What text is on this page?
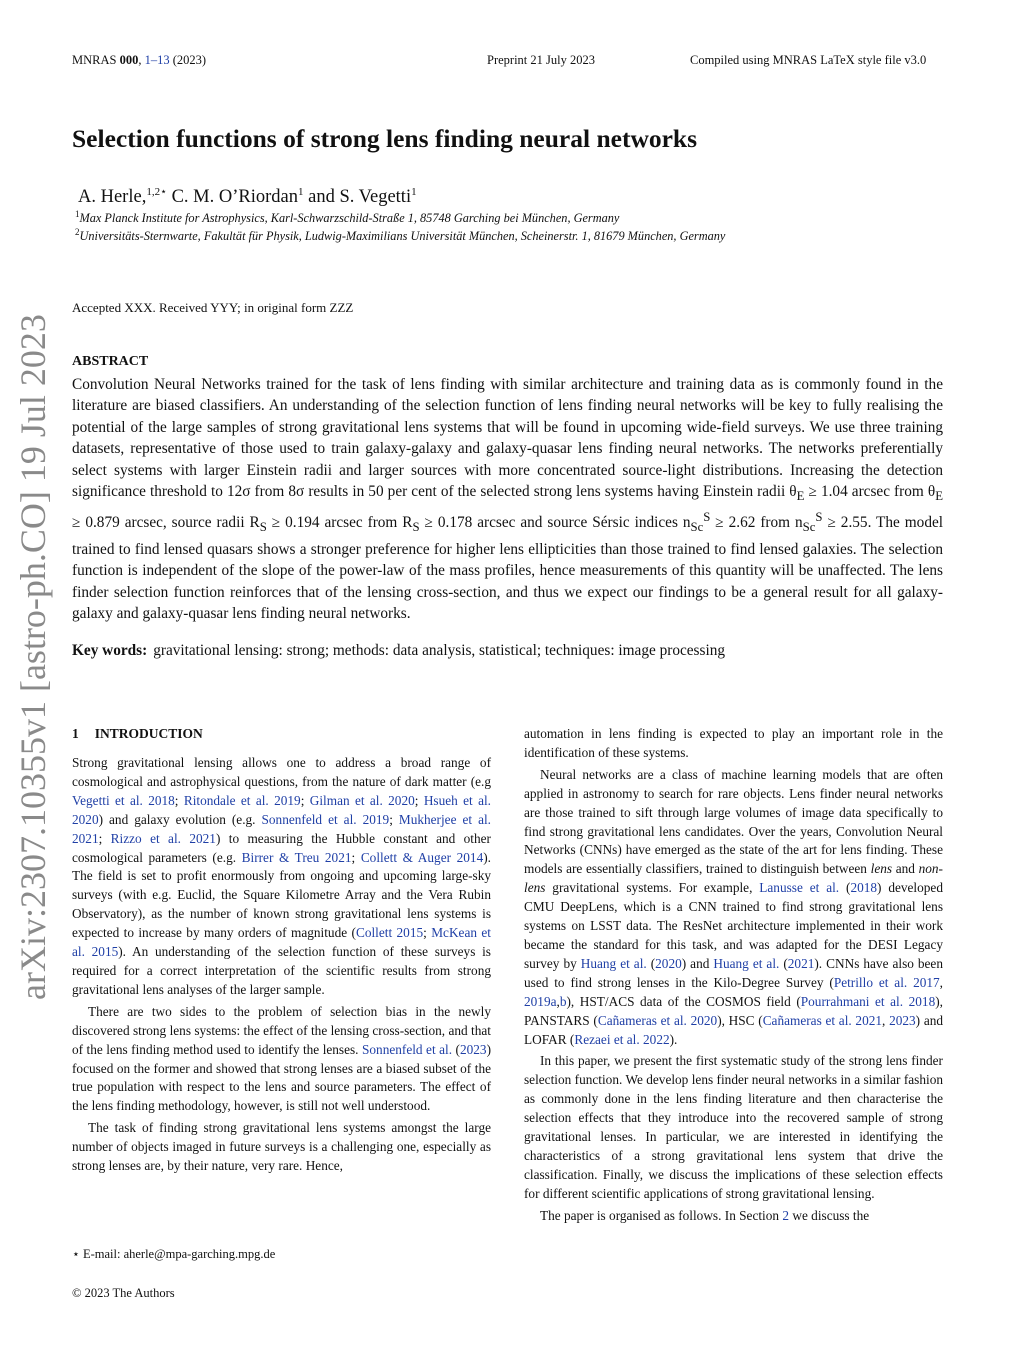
MNRAS 000, 1–13 (2023)	Preprint 21 July 2023	Compiled using MNRAS LaTeX style file v3.0
arXiv:2307.10355v1 [astro-ph.CO] 19 Jul 2023
Selection functions of strong lens finding neural networks
A. Herle,$^{1,2⋆}$ C. M. O’Riordan$^1$ and S. Vegetti$^1$
$^1$Max Planck Institute for Astrophysics, Karl-Schwarzschild-Straße 1, 85748 Garching bei München, Germany
$^2$Universitäts-Sternwarte, Fakultät für Physik, Ludwig-Maximilians Universität München, Scheinerstr. 1, 81679 München, Germany
Accepted XXX. Received YYY; in original form ZZZ
ABSTRACT

Convolution Neural Networks trained for the task of lens finding with similar architecture and training data as is commonly found in the literature are biased classifiers. An understanding of the selection function of lens finding neural networks will be key to fully realising the potential of the large samples of strong gravitational lens systems that will be found in upcoming wide-field surveys. We use three training datasets, representative of those used to train galaxy-galaxy and galaxy-quasar lens finding neural networks. The networks preferentially select systems with larger Einstein radii and larger sources with more concentrated source-light distributions. Increasing the detection significance threshold to 12σ from 8σ results in 50 per cent of the selected strong lens systems having Einstein radii $\theta_E \ge 1.04$ arcsec from $\theta_E \ge 0.879$ arcsec, source radii $R_S \ge 0.194$ arcsec from $R_S \ge 0.178$ arcsec and source Sérsic indices $n_{Sc}^S \ge 2.62$ from $n_{Sc}^S \ge 2.55$. The model trained to find lensed quasars shows a stronger preference for higher lens ellipticities than those trained to find lensed galaxies. The selection function is independent of the slope of the power-law of the mass profiles, hence measurements of this quantity will be unaffected. The lens finder selection function reinforces that of the lensing cross-section, and thus we expect our findings to be a general result for all galaxy-galaxy and galaxy-quasar lens finding neural networks.

Key words: gravitational lensing: strong; methods: data analysis, statistical; techniques: image processing
1 INTRODUCTION

Strong gravitational lensing allows one to address a broad range of cosmological and astrophysical questions, from the nature of dark matter (e.g Vegetti et al. 2018; Ritondale et al. 2019; Gilman et al. 2020; Hsueh et al. 2020) and galaxy evolution (e.g. Sonnenfeld et al. 2019; Mukherjee et al. 2021; Rizzo et al. 2021) to measuring the Hubble constant and other cosmological parameters (e.g. Birrer & Treu 2021; Collett & Auger 2014). The field is set to profit enormously from ongoing and upcoming large-sky surveys (with e.g. Euclid, the Square Kilometre Array and the Vera Rubin Observatory), as the number of known strong gravitational lens systems is expected to increase by many orders of magnitude (Collett 2015; McKean et al. 2015). An understanding of the selection function of these surveys is required for a correct interpretation of the scientific results from strong gravitational lens analyses of the larger sample.

There are two sides to the problem of selection bias in the newly discovered strong lens systems: the effect of the lensing cross-section, and that of the lens finding method used to identify the lenses. Sonnenfeld et al. (2023) focused on the former and showed that strong lenses are a biased subset of the true population with respect to the lens and source parameters. The effect of the lens finding methodology, however, is still not well understood.

The task of finding strong gravitational lens systems amongst the large number of objects imaged in future surveys is a challenging one, especially as strong lenses are, by their nature, very rare. Hence,

automation in lens finding is expected to play an important role in the identification of these systems.

Neural networks are a class of machine learning models that are often applied in astronomy to search for rare objects. Lens finder neural networks are those trained to sift through large volumes of image data specifically to find strong gravitational lens candidates. Over the years, Convolution Neural Networks (CNNs) have emerged as the state of the art for lens finding. These models are essentially classifiers, trained to distinguish between lens and non-lens gravitational systems. For example, Lanusse et al. (2018) developed CMU DeepLens, which is a CNN trained to find strong gravitational lens systems on LSST data. The ResNet architecture implemented in their work became the standard for this task, and was adapted for the DESI Legacy survey by Huang et al. (2020) and Huang et al. (2021). CNNs have also been used to find strong lenses in the Kilo-Degree Survey (Petrillo et al. 2017, 2019a,b), HST/ACS data of the COSMOS field (Pourrahmani et al. 2018), PANSTARS (Cañameras et al. 2020), HSC (Cañameras et al. 2021, 2023) and LOFAR (Rezaei et al. 2022).

In this paper, we present the first systematic study of the strong lens finder selection function. We develop lens finder neural networks in a similar fashion as commonly done in the lens finding literature and then characterise the selection effects that they introduce into the recovered sample of strong gravitational lenses. In particular, we are interested in identifying the characteristics of a strong gravitational lens system that drive the classification. Finally, we discuss the implications of these selection effects for different scientific applications of strong gravitational lensing.

The paper is organised as follows. In Section 2 we discuss the

⋆ E-mail: aherle@mpa-garching.mpg.de
© 2023 The Authors
